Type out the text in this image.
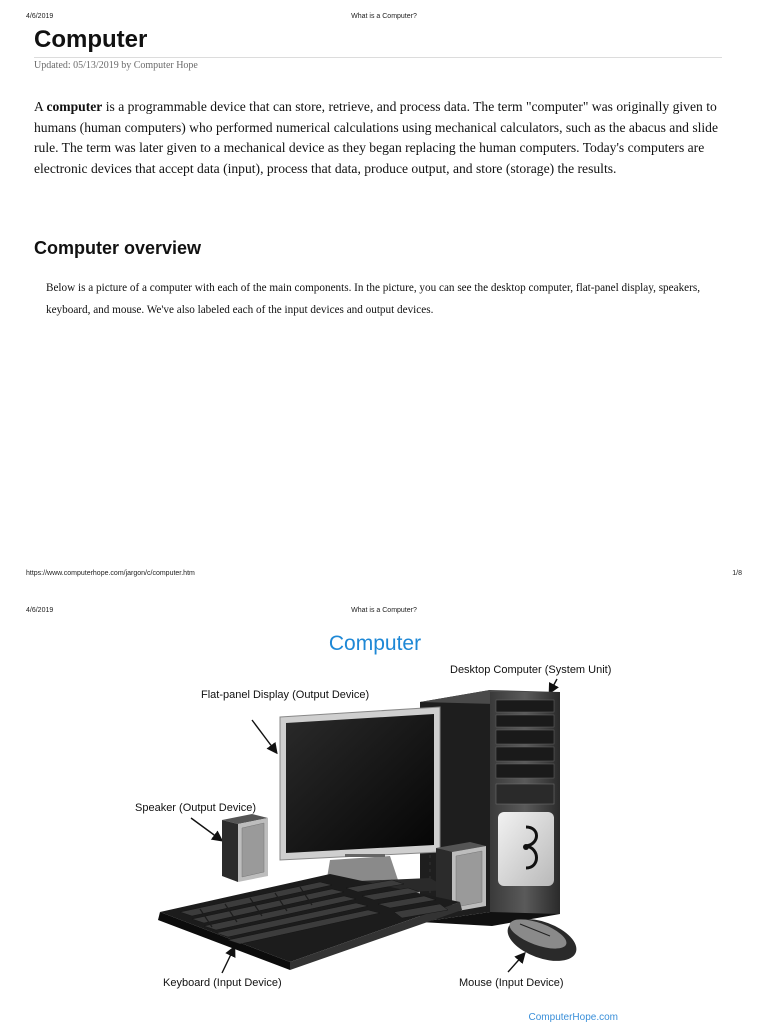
4/6/2019	What is a Computer?
Computer
Updated: 05/13/2019 by Computer Hope

A computer is a programmable device that can store, retrieve, and process data. The term "computer" was originally given to humans (human computers) who performed numerical calculations using mechanical calculators, such as the abacus and slide rule. The term was later given to a mechanical device as they began replacing the human computers. Today's computers are electronic devices that accept data (input), process that data, produce output, and store (storage) the results.

Computer overview

Below is a picture of a computer with each of the main components. In the picture, you can see the desktop computer, flat-panel display, speakers, keyboard, and mouse. We've also labeled each of the input devices and output devices.

https://www.computerhope.com/jargon/c/computer.htm	1/8
4/6/2019	What is a Computer?
Computer
Desktop Computer (System Unit)
Flat-panel Display (Output Device)
Speaker (Output Device)
Keyboard (Input Device)	Mouse (Input Device)
ComputerHope.com
